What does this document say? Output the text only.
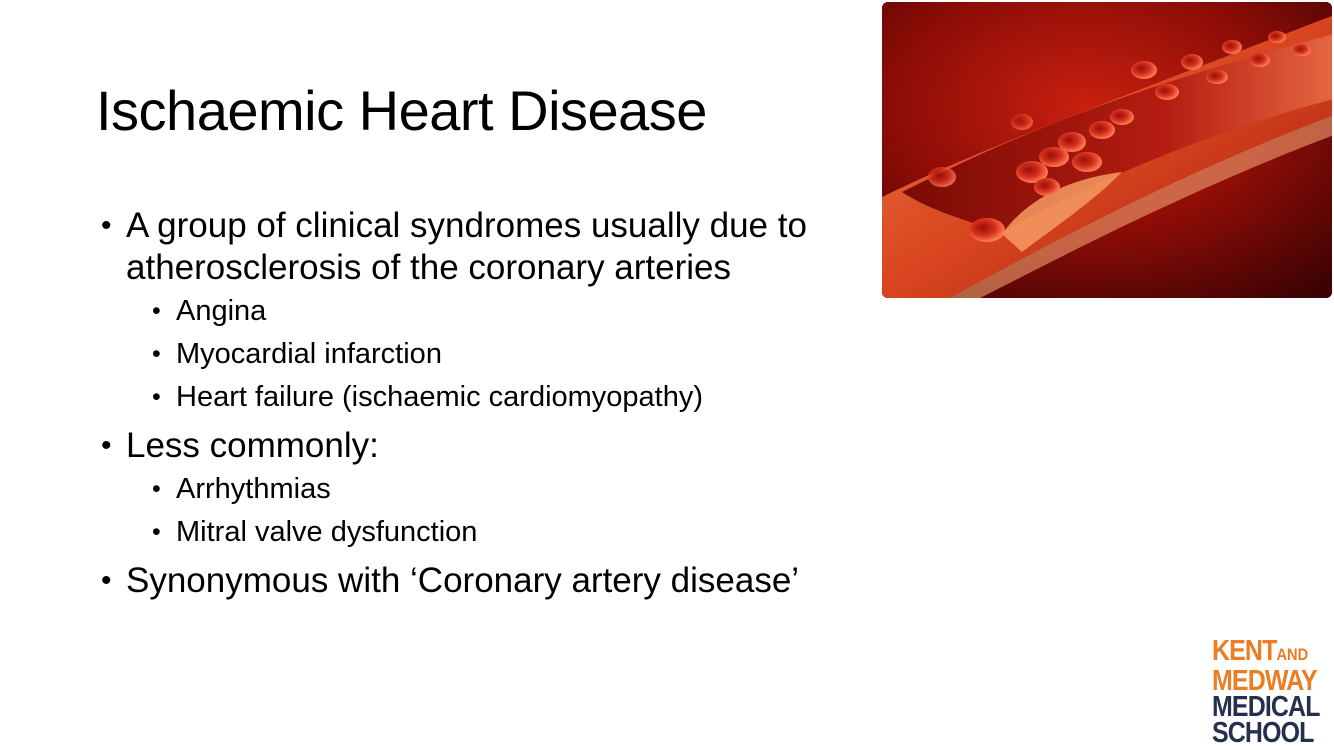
Ischaemic Heart Disease
• A group of clinical syndromes usually due to atherosclerosis of the coronary arteries
• Angina
• Myocardial infarction
• Heart failure (ischaemic cardiomyopathy)
• Less commonly:
• Arrhythmias
• Mitral valve dysfunction
• Synonymous with ‘Coronary artery disease’
KENTAND
MEDWAY
MEDICAL
SCHOOL
